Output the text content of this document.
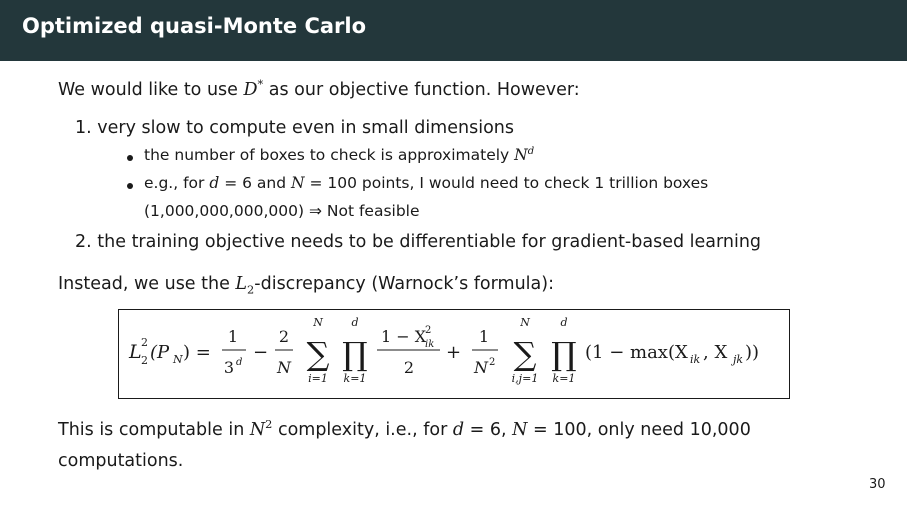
Optimized quasi-Monte Carlo
We would like to use D* as our objective function. However:
1. very slow to compute even in small dimensions
the number of boxes to check is approximately $N^d$
e.g., for d = 6 and N = 100 points, I would need to check 1 trillion boxes
(1,000,000,000,000) ⇒ Not feasible
2. the training objective needs to be differentiable for gradient-based learning
Instead, we use the $L_2$-discrepancy (Warnock’s formula):
L 2
2 (P N ) =
1
3 d −
2
N
N
∑
i=1
d
∏
k=1
1 − X
2
ik
2
+
1
N 2
N
∑
i,j=1
d
∏
k=1
(1 − max(X ik , X jk ))
This is computable in $N^2$ complexity, i.e., for d = 6, N = 100, only need 10,000
computations.
30
